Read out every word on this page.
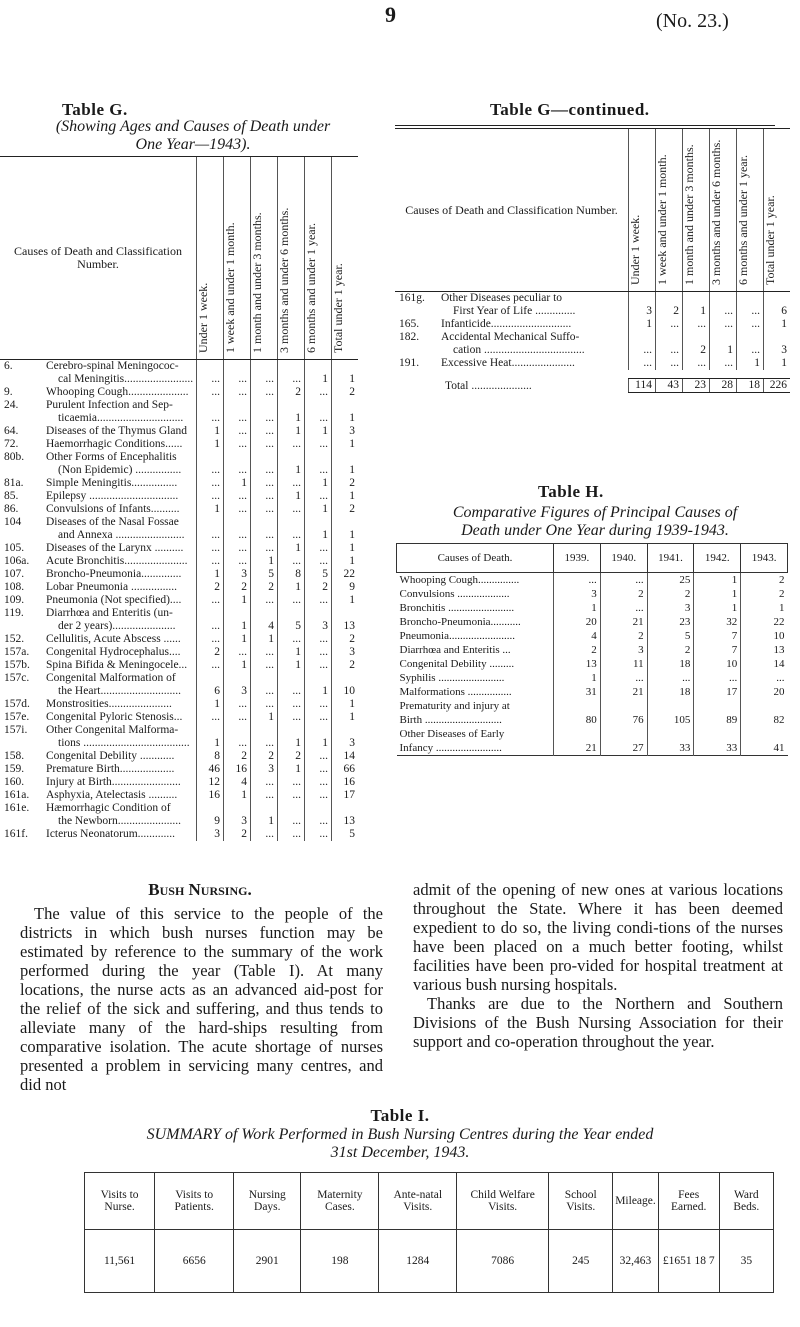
9	(No. 23.)
Table G.
(Showing Ages and Causes of Death under
One Year—1943).
Causes of Death and Classification Number.		Under 1 week.	1 week and under 1 month.	1 month and under 3 months.	3 months and under 6 months.	6 months and under 1 year.	Total under 1 year.

6.	Cerebro-spinal Meningococ-						
	cal Meningitis........................	...	...	...	...	1	1
9.	Whooping Cough.....................	...	...	...	2	...	2
24.	Purulent Infection and Sep-						
	ticaemia..............................	...	...	...	1	...	1
64.	Diseases of the Thymus Gland	1	...	...	1	1	3
72.	Haemorrhagic Conditions......	1	...	...	...	...	1
80b.	Other Forms of Encephalitis						
	(Non Epidemic) ................	...	...	...	1	...	1
81a.	Simple Meningitis................	...	1	...	...	1	2
85.	Epilepsy ...............................	...	...	...	1	...	1
86.	Convulsions of Infants..........	1	...	...	...	1	2
104	Diseases of the Nasal Fossae						
	and Annexa ........................	...	...	...	...	1	1
105.	Diseases of the Larynx ..........	...	...	...	1	...	1
106a.	Acute Bronchitis......................	...	...	1	...	...	1
107.	Broncho-Pneumonia..............	1	3	5	8	5	22
108.	Lobar Pneumonia ................	2	2	2	1	2	9
109.	Pneumonia (Not specified)....	...	1	...	...	...	1
119.	Diarrhœa and Enteritis (un-						
	der 2 years)......................	...	1	4	5	3	13
152.	Cellulitis, Acute Abscess ......	...	1	1	...	...	2
157a.	Congenital Hydrocephalus....	2	...	...	1	...	3
157b.	Spina Bifida & Meningocele...	...	1	...	1	...	2
157c.	Congenital Malformation of						
	the Heart............................	6	3	...	...	1	10
157d.	Monstrosities......................	1	...	...	...	...	1
157e.	Congenital Pyloric Stenosis...	...	...	1	...	...	1
157i.	Other Congenital Malforma-						
	tions .....................................	1	...	...	1	1	3
158.	Congenital Debility ............	8	2	2	2	...	14
159.	Premature Birth...................	46	16	3	1	...	66
160.	Injury at Birth........................	12	4	...	...	...	16
161a.	Asphyxia, Atelectasis ..........	16	1	...	...	...	17
161e.	Hæmorrhagic Condition of						
	the Newborn......................	9	3	1	...	...	13
161f.	Icterus Neonatorum.............	3	2	...	...	...	5
Table G—continued.
Causes of Death and Classification Number.		Under 1 week.	1 week and under 1 month.	1 month and under 3 months.	3 months and under 6 months.	6 months and under 1 year.	Total under 1 year.

161g.	Other Diseases peculiar to						
	First Year of Life ..............	3	2	1	...	...	6
165.	Infanticide............................	1	...	...	...	...	1
182.	Accidental Mechanical Suffo-						
	cation ...................................	...	...	2	1	...	3
191.	Excessive Heat......................	...	...	...	...	1	1

Total .....................		114	43	23	28	18	226
Table H.
Comparative Figures of Principal Causes of
Death under One Year during 1939-1943.
Causes of Death.	1939.	1940.	1941.	1942.	1943.
Whooping Cough...............	...	...	25	1	2
Convulsions ...................	3	2	2	1	2
Bronchitis ........................	1	...	3	1	1
Broncho-Pneumonia...........	20	21	23	32	22
Pneumonia........................	4	2	5	7	10
Diarrhœa and Enteritis ...	2	3	2	7	13
Congenital Debility .........	13	11	18	10	14
Syphilis ........................	1	...	...	...	...
Malformations ................	31	21	18	17	20
Prematurity and injury at					
Birth ............................	80	76	105	89	82
Other Diseases of Early					
Infancy ........................	21	27	33	33	41

Bush Nursing.
The value of this service to the people of the districts in which bush nurses function may be estimated by reference to the summary of the work performed during the year (Table I). At many locations, the nurse acts as an advanced aid-post for the relief of the sick and suffering, and thus tends to alleviate many of the hard-ships resulting from comparative isolation. The acute shortage of nurses presented a problem in servicing many centres, and did not
admit of the opening of new ones at various locations throughout the State. Where it has been deemed expedient to do so, the living condi-tions of the nurses have been placed on a much better footing, whilst facilities have been pro-vided for hospital treatment at various bush nursing hospitals.
Thanks are due to the Northern and Southern Divisions of the Bush Nursing Association for their support and co-operation throughout the year.
Table I.
SUMMARY of Work Performed in Bush Nursing Centres during the Year ended
31st December, 1943.
Visits to Nurse.	Visits to Patients.	Nursing Days.	Maternity Cases.	Ante-natal Visits.	Child Welfare Visits.	School Visits.	Mileage.	Fees Earned.	Ward Beds.
11,561	6656	2901	198	1284	7086	245	32,463	£1651 18 7	35
